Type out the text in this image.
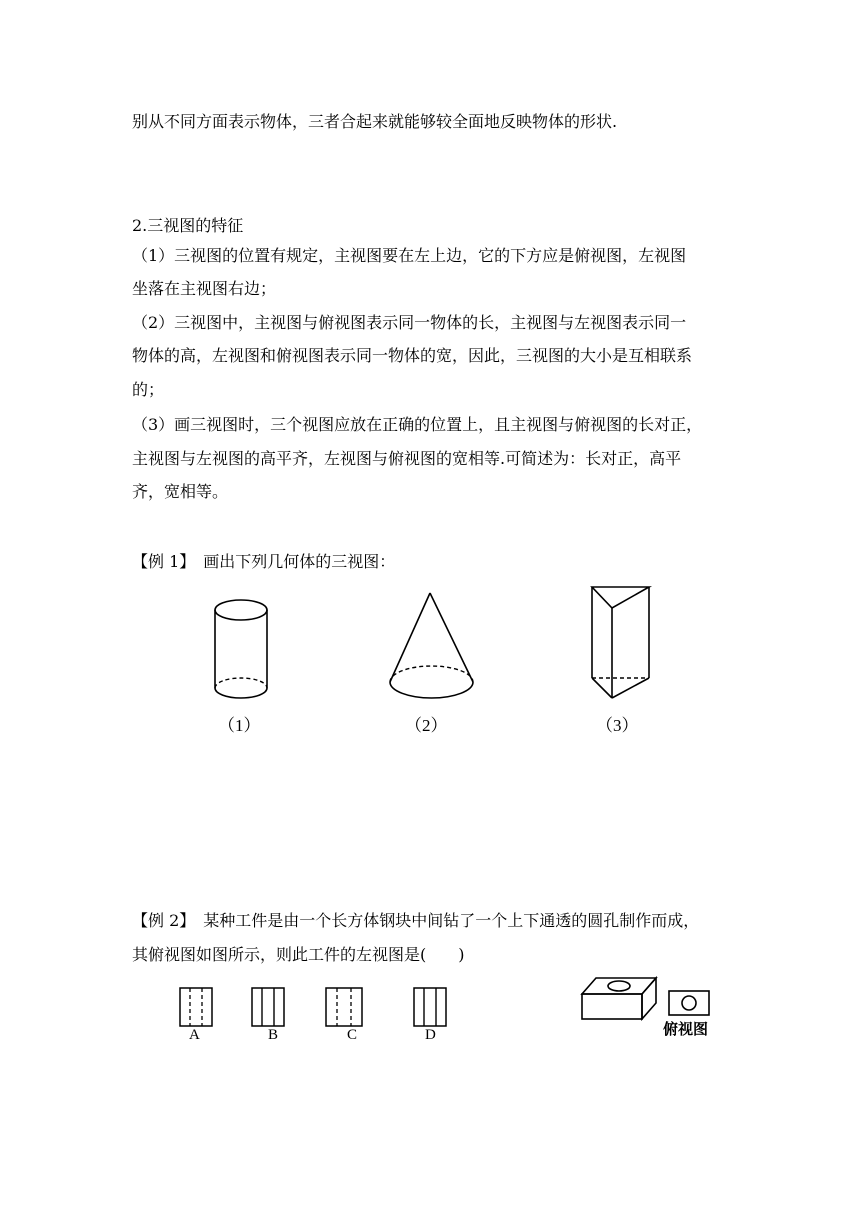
别从不同方面表示物体，三者合起来就能够较全面地反映物体的形状.

2.三视图的特征

（1）三视图的位置有规定，主视图要在左上边，它的下方应是俯视图，左视图

坐落在主视图右边；

（2）三视图中，主视图与俯视图表示同一物体的长，主视图与左视图表示同一

物体的高，左视图和俯视图表示同一物体的宽，因此，三视图的大小是互相联系

的；

（3）画三视图时，三个视图应放在正确的位置上，且主视图与俯视图的长对正，

主视图与左视图的高平齐，左视图与俯视图的宽相等.可简述为：长对正，高平

齐，宽相等。

【例 1】　画出下列几何体的三视图：

（1）	（2）	（3）

【例 2】　某种工件是由一个长方体钢块中间钻了一个上下通透的圆孔制作而成，

其俯视图如图所示，则此工件的左视图是(　　)

A	B	C	D	俯视图
